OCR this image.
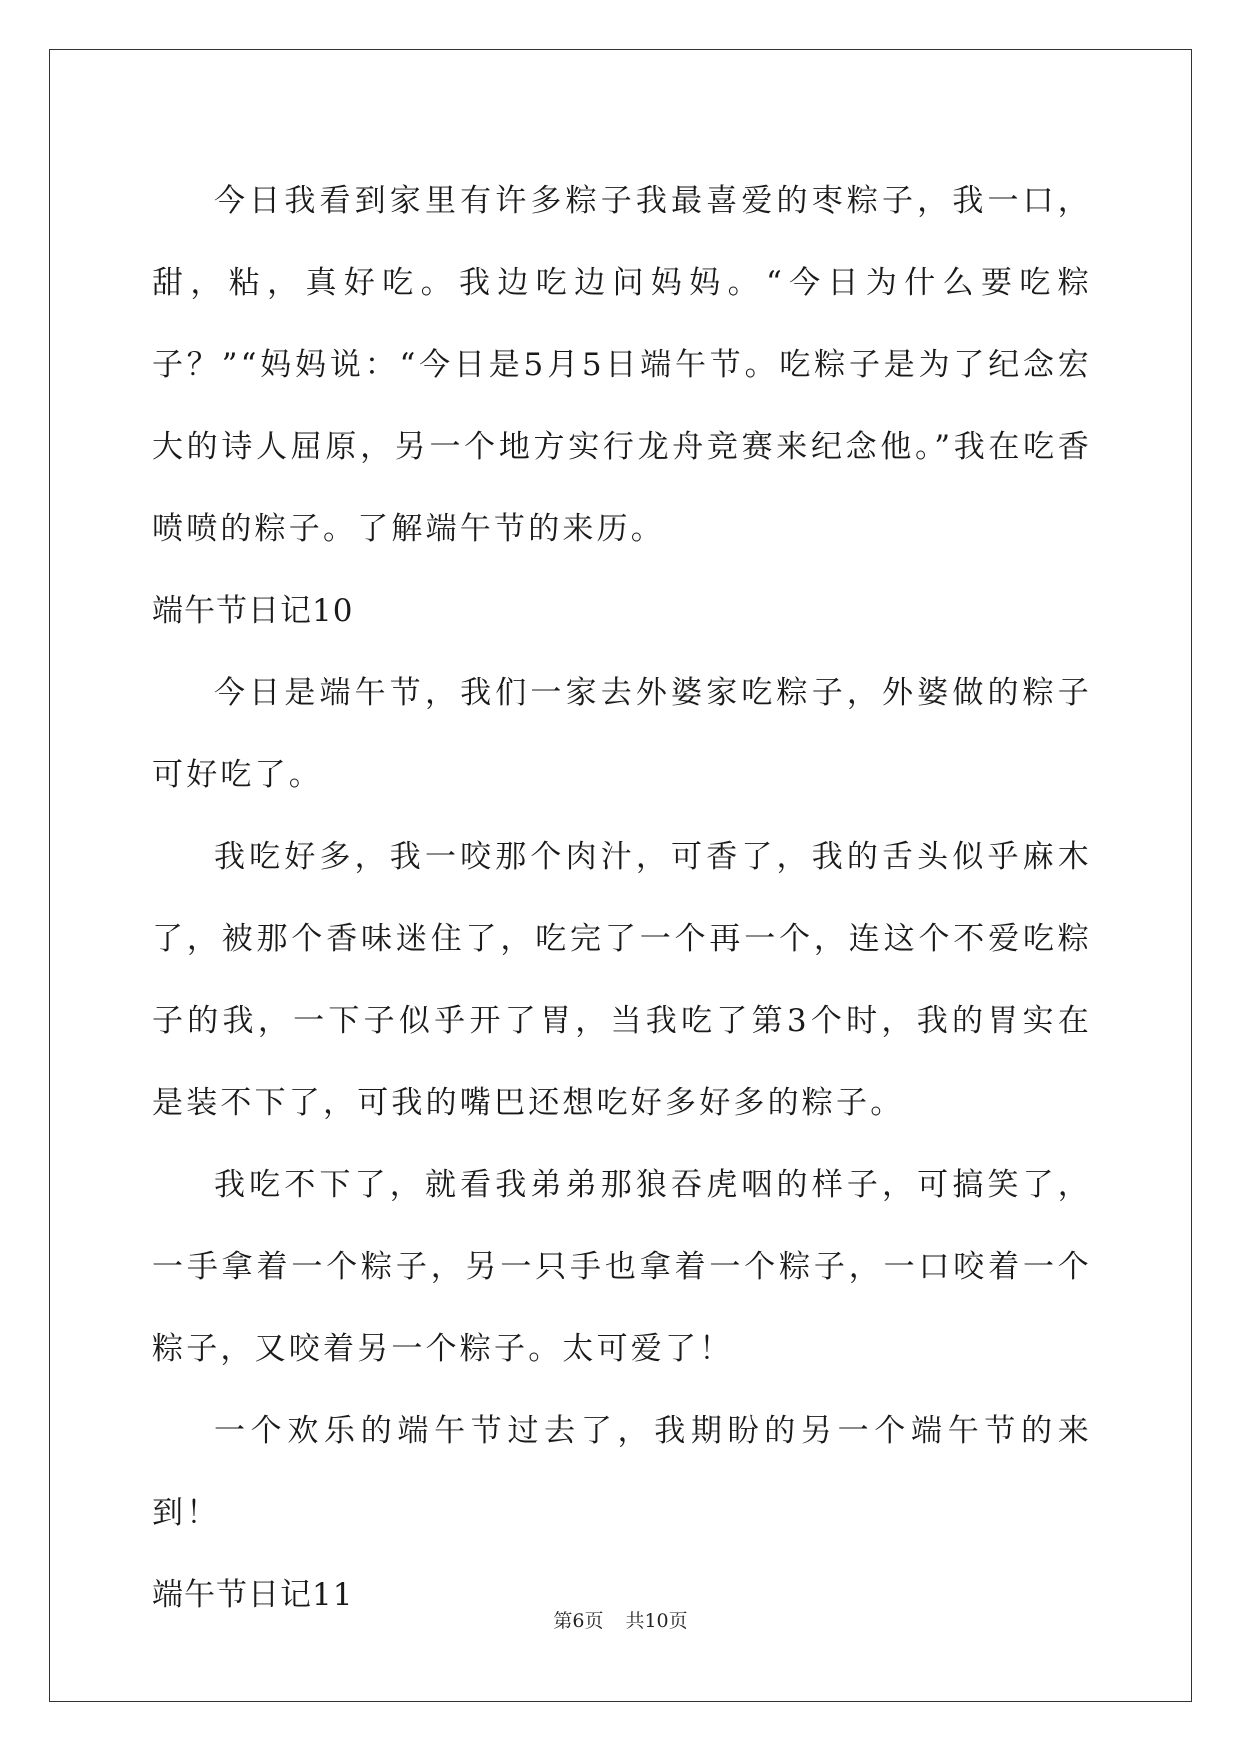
今日我看到家里有许多粽子我最喜爱的枣粽子，我一口，甜，粘，真好吃。我边吃边问妈妈。“今日为什么要吃粽子？”“妈妈说：“今日是5月5日端午节。吃粽子是为了纪念宏大的诗人屈原，另一个地方实行龙舟竞赛来纪念他。”我在吃香喷喷的粽子。了解端午节的来历。

端午节日记10

今日是端午节，我们一家去外婆家吃粽子，外婆做的粽子可好吃了。

我吃好多，我一咬那个肉汁，可香了，我的舌头似乎麻木了，被那个香味迷住了，吃完了一个再一个，连这个不爱吃粽子的我，一下子似乎开了胃，当我吃了第3个时，我的胃实在是装不下了，可我的嘴巴还想吃好多好多的粽子。

我吃不下了，就看我弟弟那狼吞虎咽的样子，可搞笑了，一手拿着一个粽子，另一只手也拿着一个粽子，一口咬着一个粽子，又咬着另一个粽子。太可爱了！

一个欢乐的端午节过去了，我期盼的另一个端午节的来到！

端午节日记11

第6页 共10页
